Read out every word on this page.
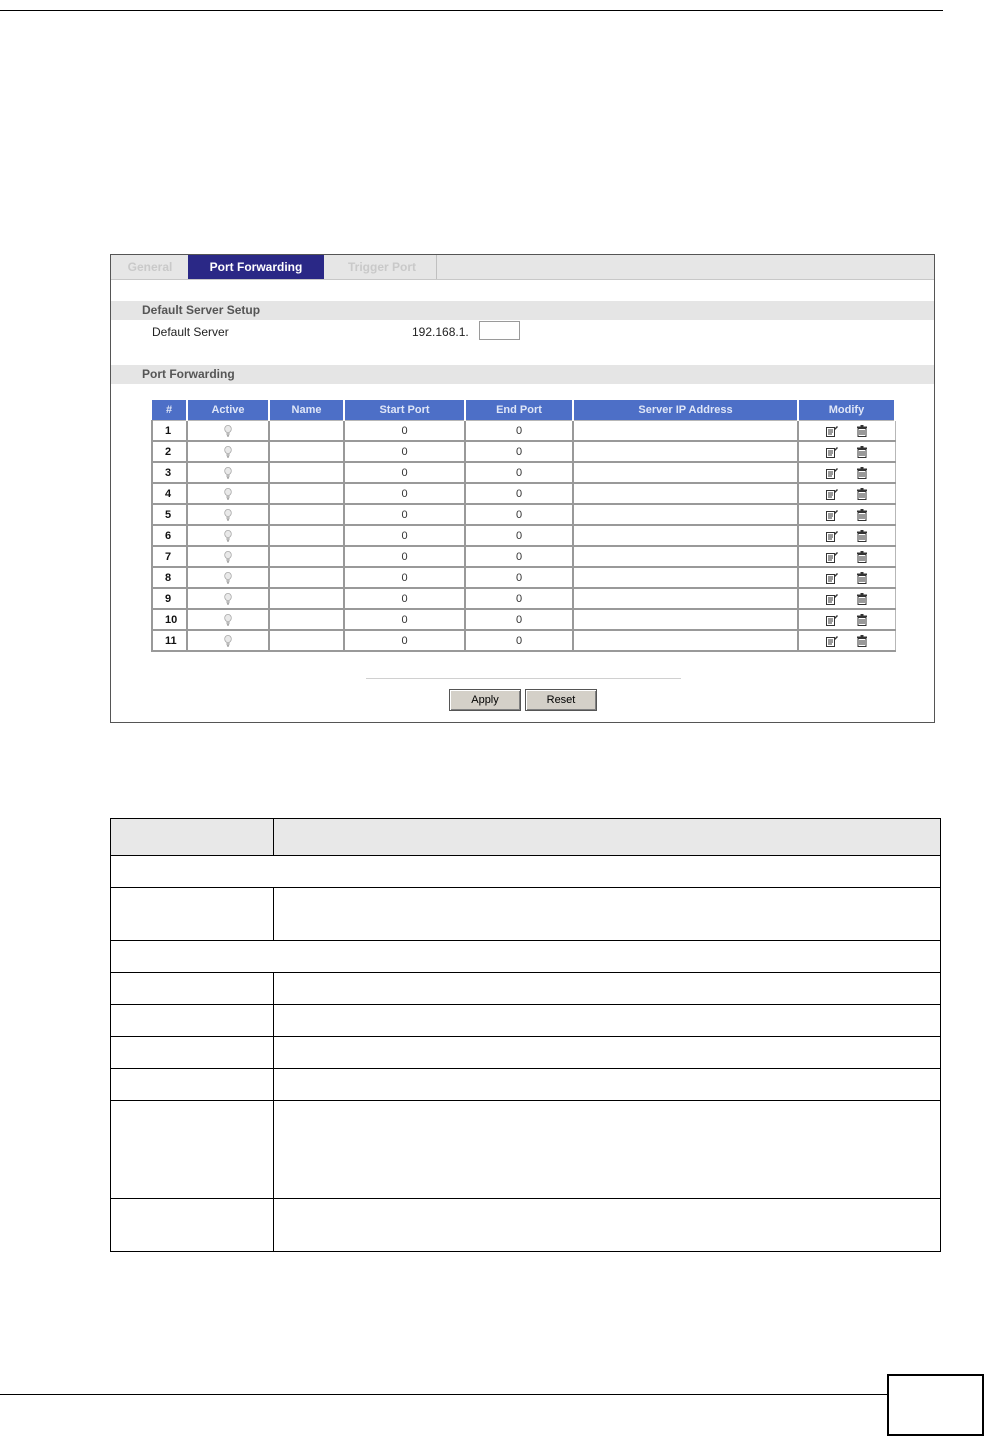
General	Port Forwarding	Trigger Port
Default Server Setup
Default Server	192.168.1.
Port Forwarding
#	Active	Name	Start Port	End Port	Server IP Address	Modify
1			0	0		

2			0	0		

3			0	0		

4			0	0		

5			0	0		

6			0	0		

7			0	0		

8			0	0		

9			0	0		

10			0	0		

11			0	0		
Apply	Reset
